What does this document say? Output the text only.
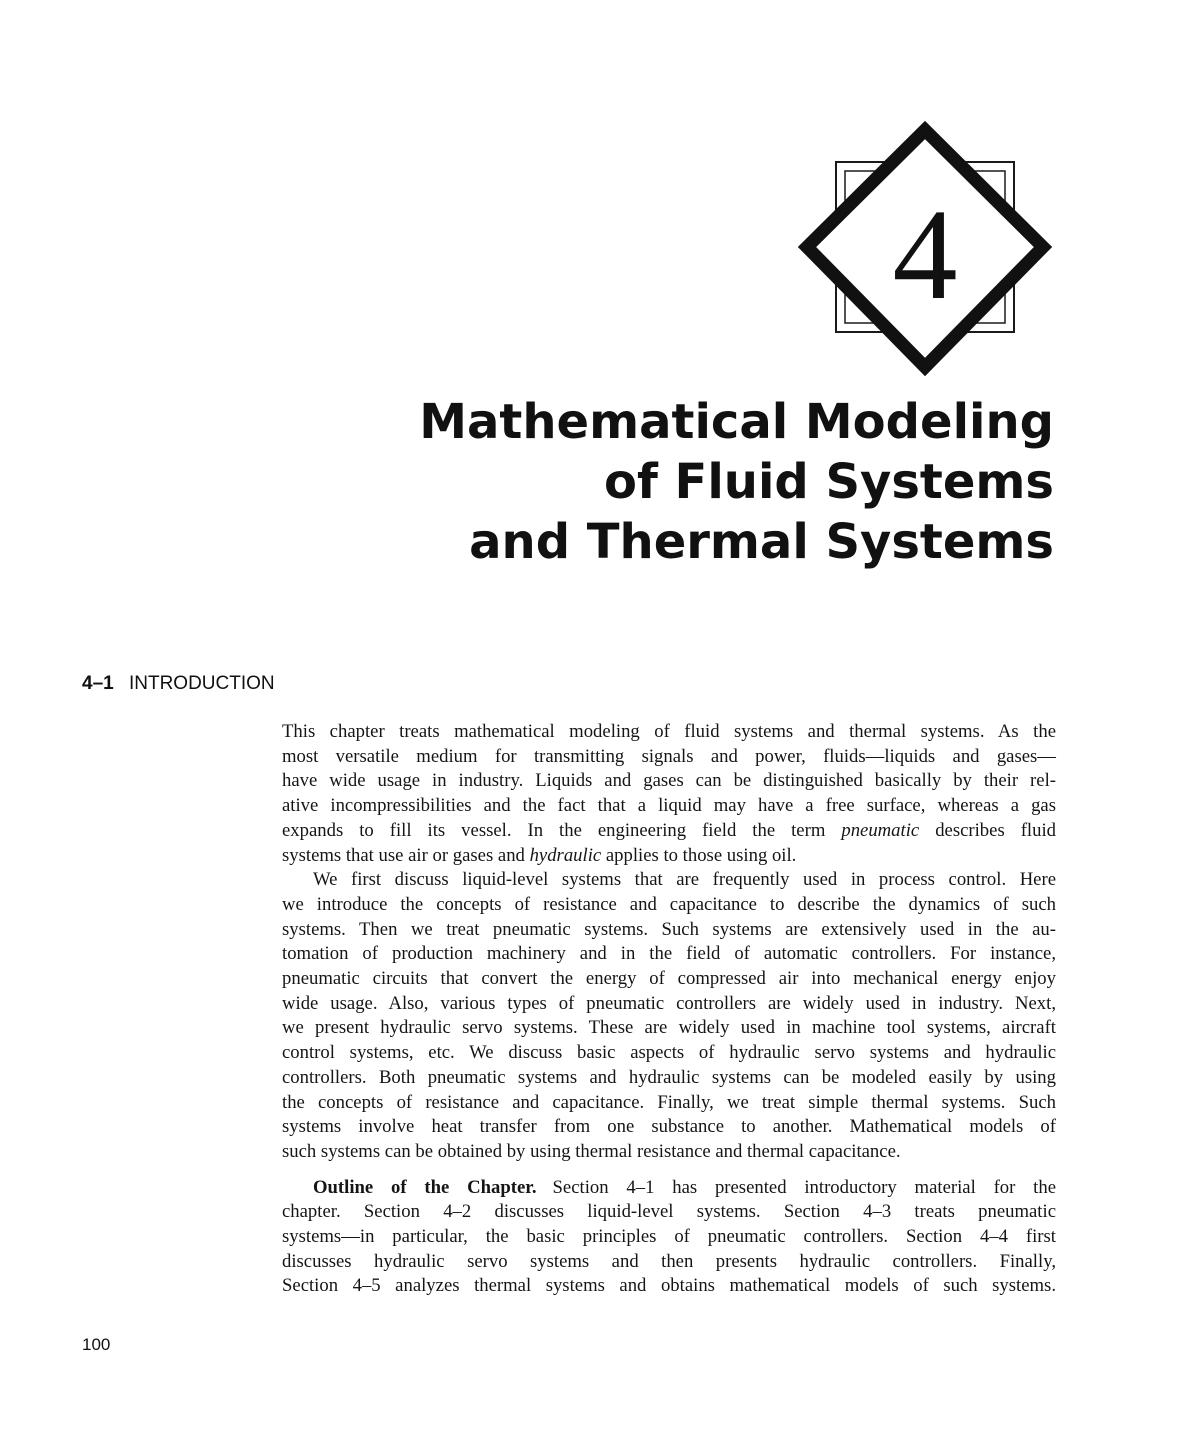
4
Mathematical Modeling
of Fluid Systems
and Thermal Systems
4–1 INTRODUCTION
This chapter treats mathematical modeling of fluid systems and thermal systems. As the
most versatile medium for transmitting signals and power, fluids—liquids and gases—
have wide usage in industry. Liquids and gases can be distinguished basically by their rel-
ative incompressibilities and the fact that a liquid may have a free surface, whereas a gas
expands to fill its vessel. In the engineering field the term pneumatic describes fluid
systems that use air or gases and hydraulic applies to those using oil.
We first discuss liquid-level systems that are frequently used in process control. Here
we introduce the concepts of resistance and capacitance to describe the dynamics of such
systems. Then we treat pneumatic systems. Such systems are extensively used in the au-
tomation of production machinery and in the field of automatic controllers. For instance,
pneumatic circuits that convert the energy of compressed air into mechanical energy enjoy
wide usage. Also, various types of pneumatic controllers are widely used in industry. Next,
we present hydraulic servo systems. These are widely used in machine tool systems, aircraft
control systems, etc. We discuss basic aspects of hydraulic servo systems and hydraulic
controllers. Both pneumatic systems and hydraulic systems can be modeled easily by using
the concepts of resistance and capacitance. Finally, we treat simple thermal systems. Such
systems involve heat transfer from one substance to another. Mathematical models of
such systems can be obtained by using thermal resistance and thermal capacitance.
Outline of the Chapter. Section 4–1 has presented introductory material for the
chapter. Section 4–2 discusses liquid-level systems. Section 4–3 treats pneumatic
systems—in particular, the basic principles of pneumatic controllers. Section 4–4 first
discusses hydraulic servo systems and then presents hydraulic controllers. Finally,
Section 4–5 analyzes thermal systems and obtains mathematical models of such systems.
100
